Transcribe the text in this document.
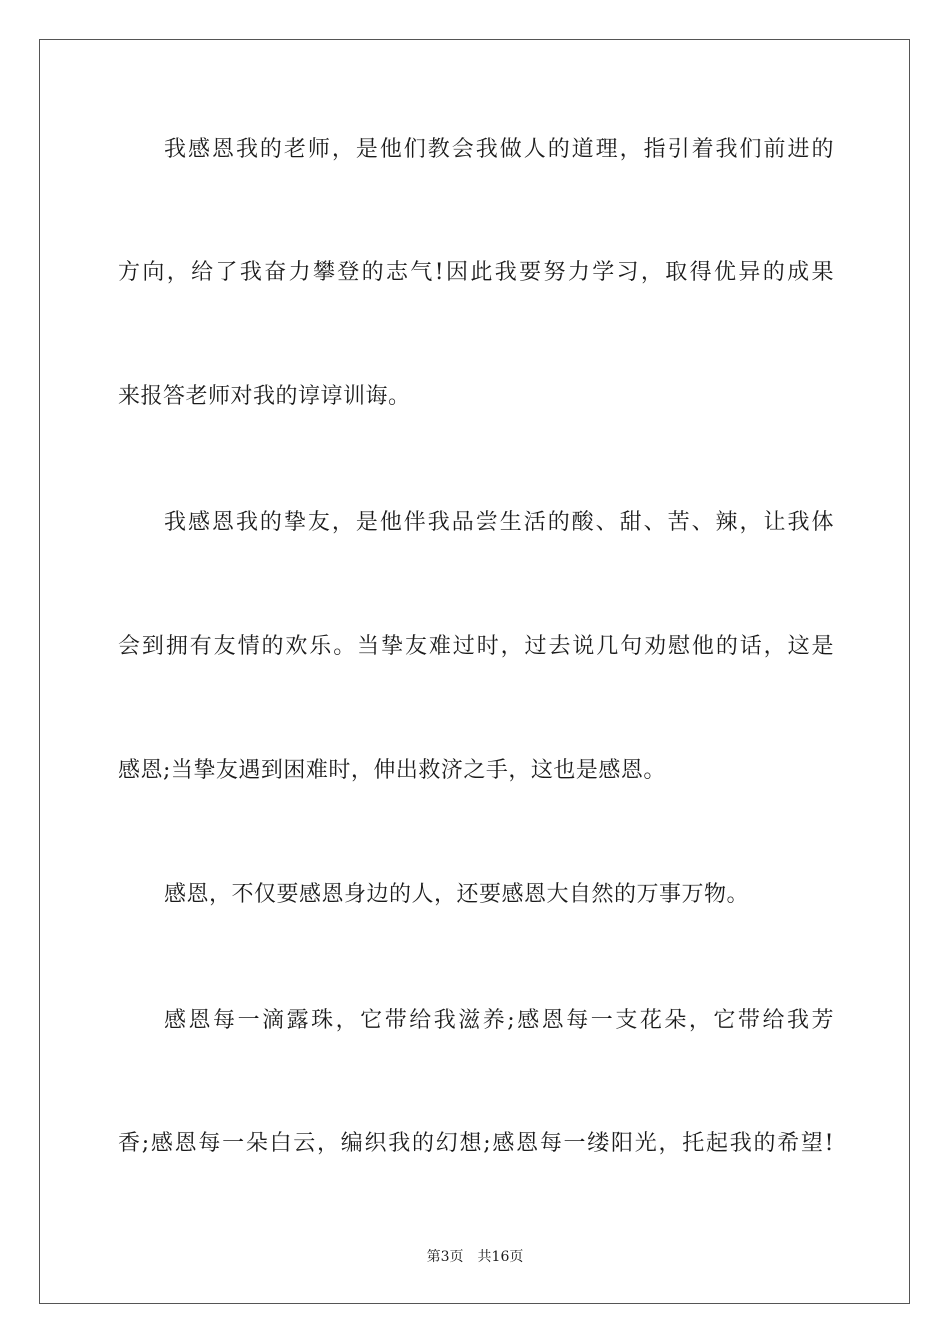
我感恩我的老师，是他们教会我做人的道理，指引着我们前进的
方向，给了我奋力攀登的志气!因此我要努力学习，取得优异的成果
来报答老师对我的谆谆训诲。
我感恩我的挚友，是他伴我品尝生活的酸、甜、苦、辣，让我体
会到拥有友情的欢乐。当挚友难过时，过去说几句劝慰他的话，这是
感恩;当挚友遇到困难时，伸出救济之手，这也是感恩。
感恩，不仅要感恩身边的人，还要感恩大自然的万事万物。
感恩每一滴露珠，它带给我滋养;感恩每一支花朵，它带给我芳
香;感恩每一朵白云，编织我的幻想;感恩每一缕阳光，托起我的希望!
第3页 共16页
